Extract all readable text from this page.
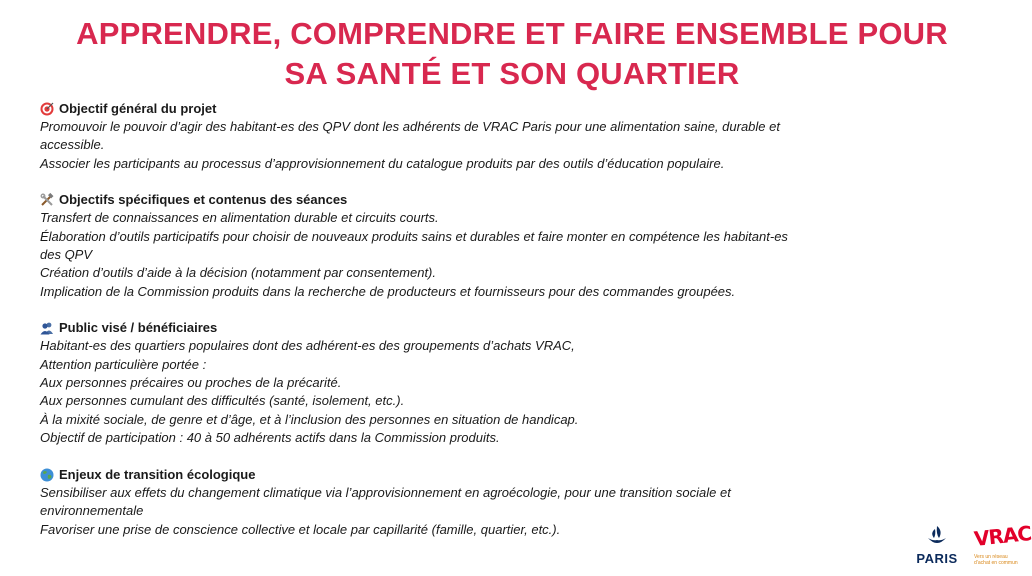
APPRENDRE, COMPRENDRE ET FAIRE ENSEMBLE POUR
SA SANTÉ ET SON QUARTIER
Objectif général du projet
Promouvoir le pouvoir d’agir des habitant-es des QPV dont les adhérents de VRAC Paris pour une alimentation saine, durable et
accessible.
Associer les participants au processus d’approvisionnement du catalogue produits par des outils d’éducation populaire.
Objectifs spécifiques et contenus des séances
Transfert de connaissances en alimentation durable et circuits courts.
Élaboration d’outils participatifs pour choisir de nouveaux produits sains et durables et faire monter en compétence les habitant-es
des QPV
Création d’outils d’aide à la décision (notamment par consentement).
Implication de la Commission produits dans la recherche de producteurs et fournisseurs pour des commandes groupées.
Public visé / bénéficiaires
Habitant-es des quartiers populaires dont des adhérent-es des groupements d’achats VRAC,
Attention particulière portée :
Aux personnes précaires ou proches de la précarité.
Aux personnes cumulant des difficultés (santé, isolement, etc.).
À la mixité sociale, de genre et d’âge, et à l’inclusion des personnes en situation de handicap.
Objectif de participation : 40 à 50 adhérents actifs dans la Commission produits.
Enjeux de transition écologique
Sensibiliser aux effets du changement climatique via l’approvisionnement en agroécologie, pour une transition sociale et
environnementale
Favoriser une prise de conscience collective et locale par capillarité (famille, quartier, etc.).
PARIS
VRAC
Vers un réseau d’achat en commun
